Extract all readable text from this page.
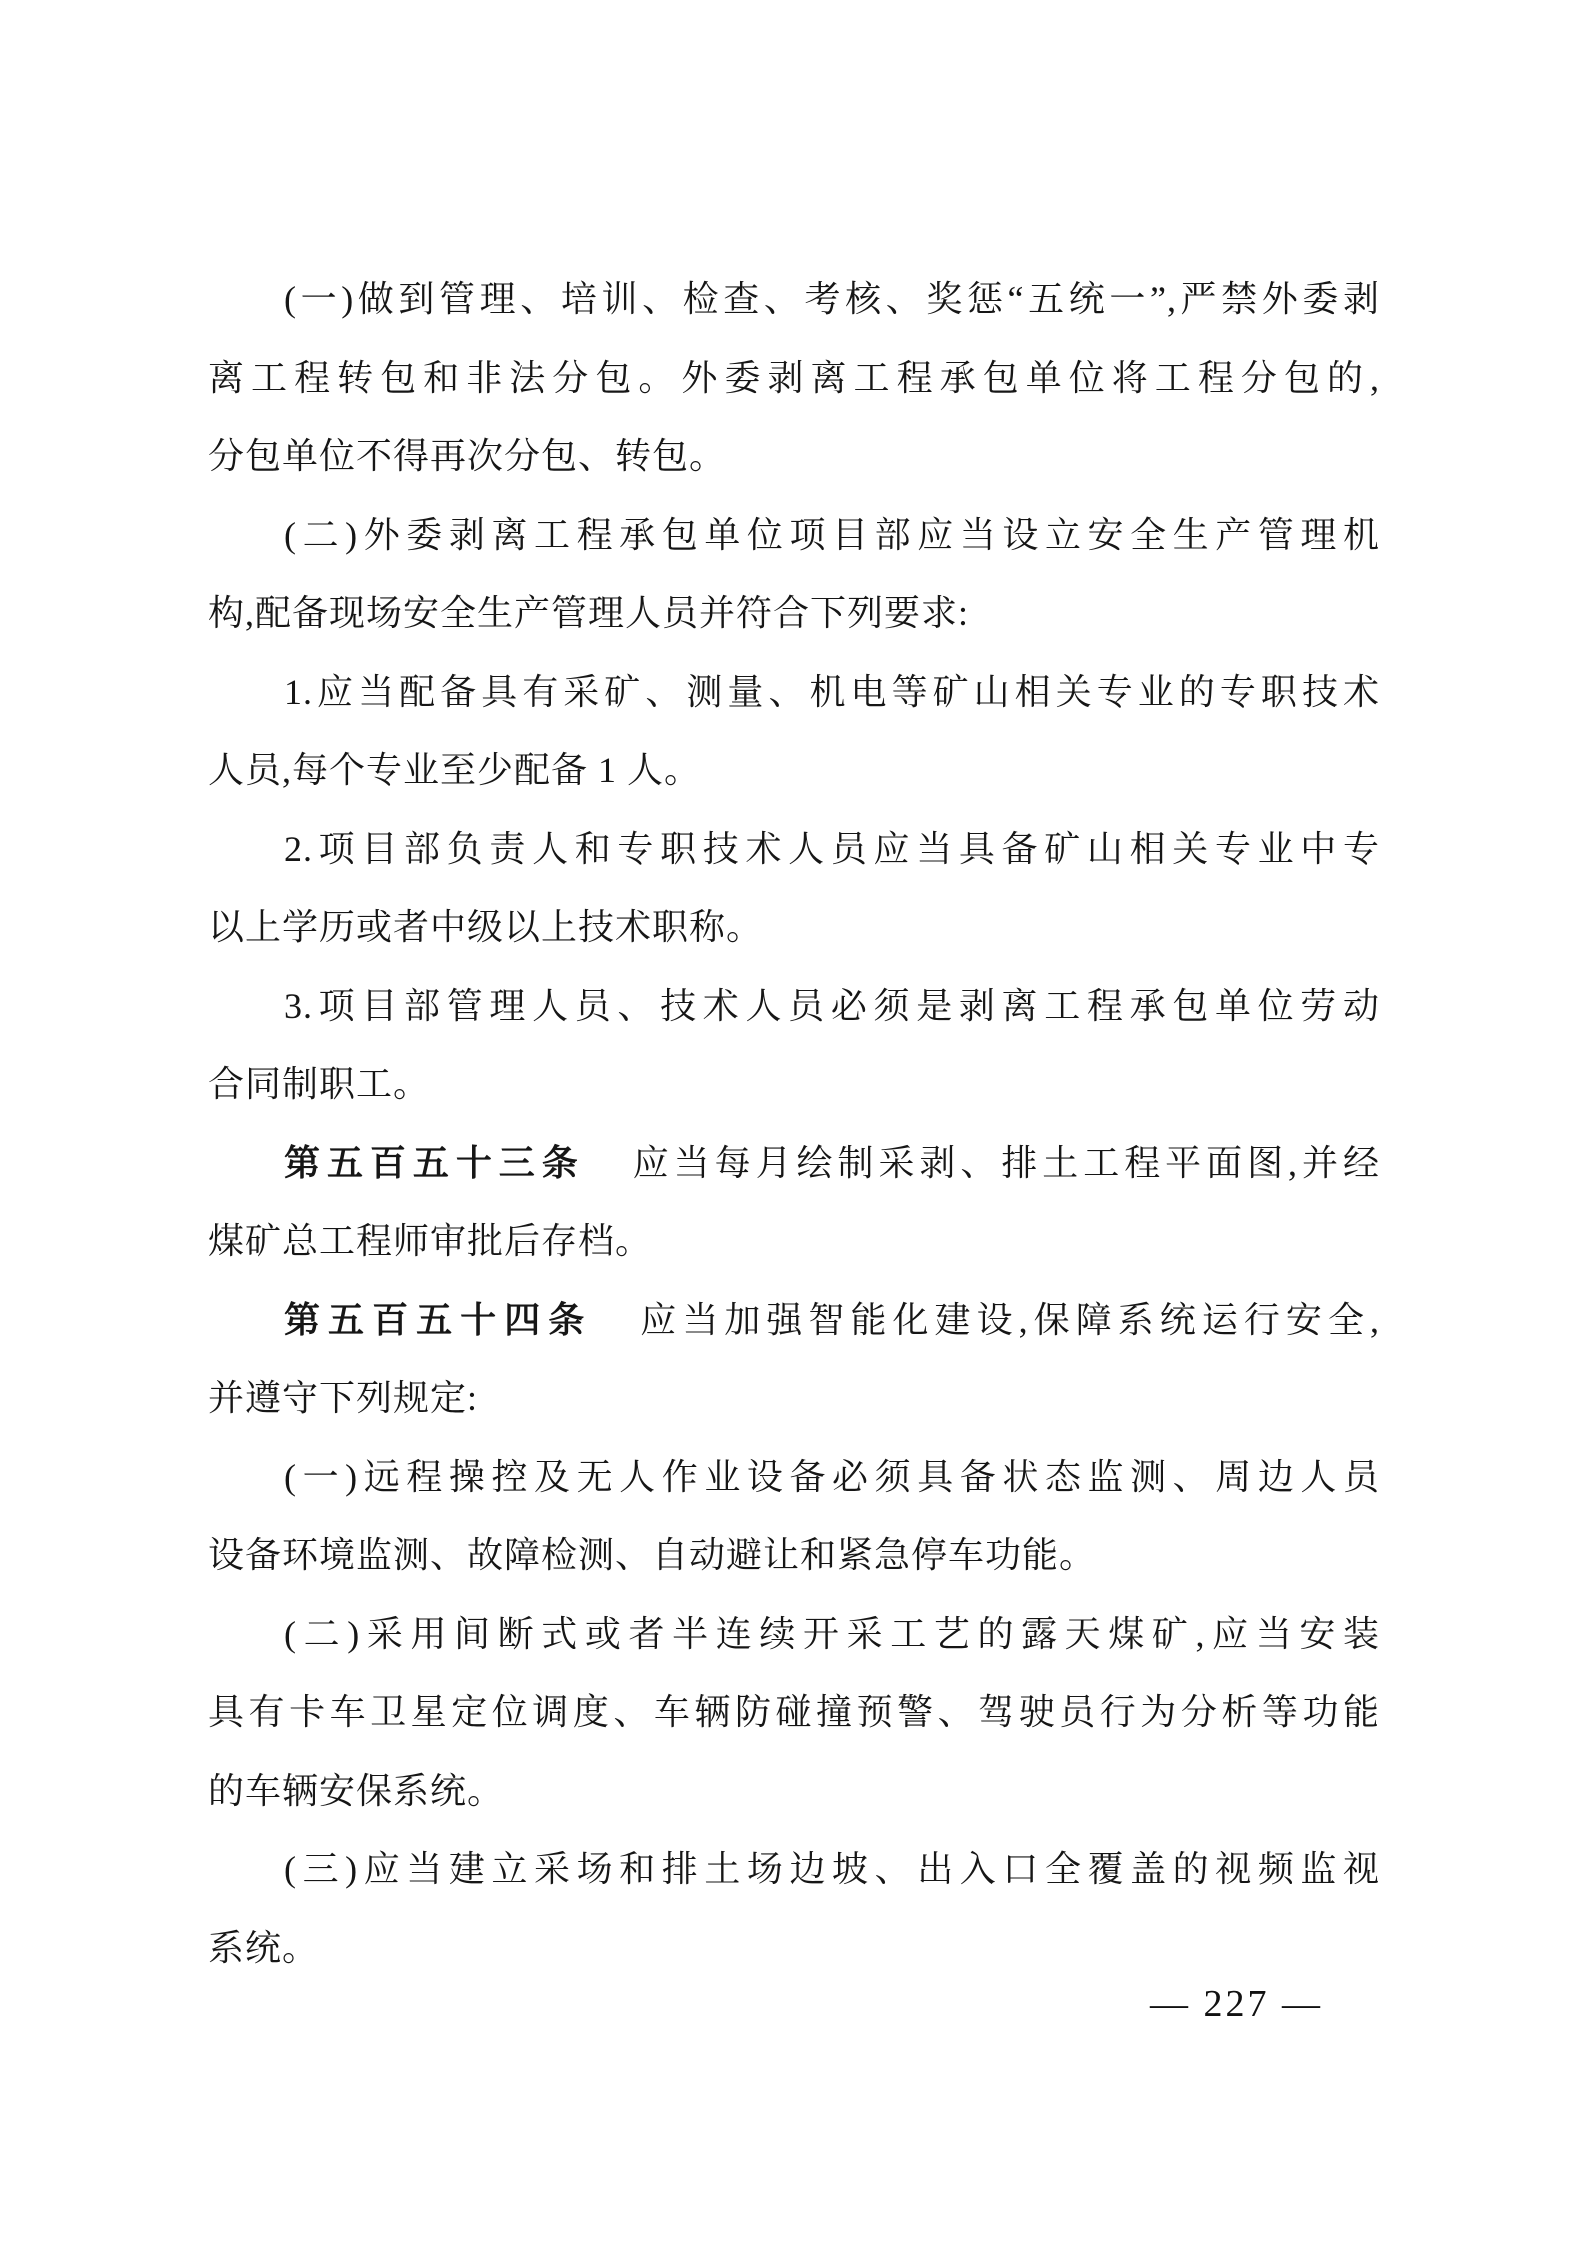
(一)做到管理、培训、检查、考核、奖惩“五统一”,严禁外委剥
离工程转包和非法分包。外委剥离工程承包单位将工程分包的,
分包单位不得再次分包、转包。
(二)外委剥离工程承包单位项目部应当设立安全生产管理机
构,配备现场安全生产管理人员并符合下列要求:
1.应当配备具有采矿、测量、机电等矿山相关专业的专职技术
人员,每个专业至少配备 1 人。
2.项目部负责人和专职技术人员应当具备矿山相关专业中专
以上学历或者中级以上技术职称。
3.项目部管理人员、技术人员必须是剥离工程承包单位劳动
合同制职工。
第五百五十三条 应当每月绘制采剥、排土工程平面图,并经
煤矿总工程师审批后存档。
第五百五十四条 应当加强智能化建设,保障系统运行安全,
并遵守下列规定:
(一)远程操控及无人作业设备必须具备状态监测、周边人员
设备环境监测、故障检测、自动避让和紧急停车功能。
(二)采用间断式或者半连续开采工艺的露天煤矿,应当安装
具有卡车卫星定位调度、车辆防碰撞预警、驾驶员行为分析等功能
的车辆安保系统。
(三)应当建立采场和排土场边坡、出入口全覆盖的视频监视
系统。
— 227 —
